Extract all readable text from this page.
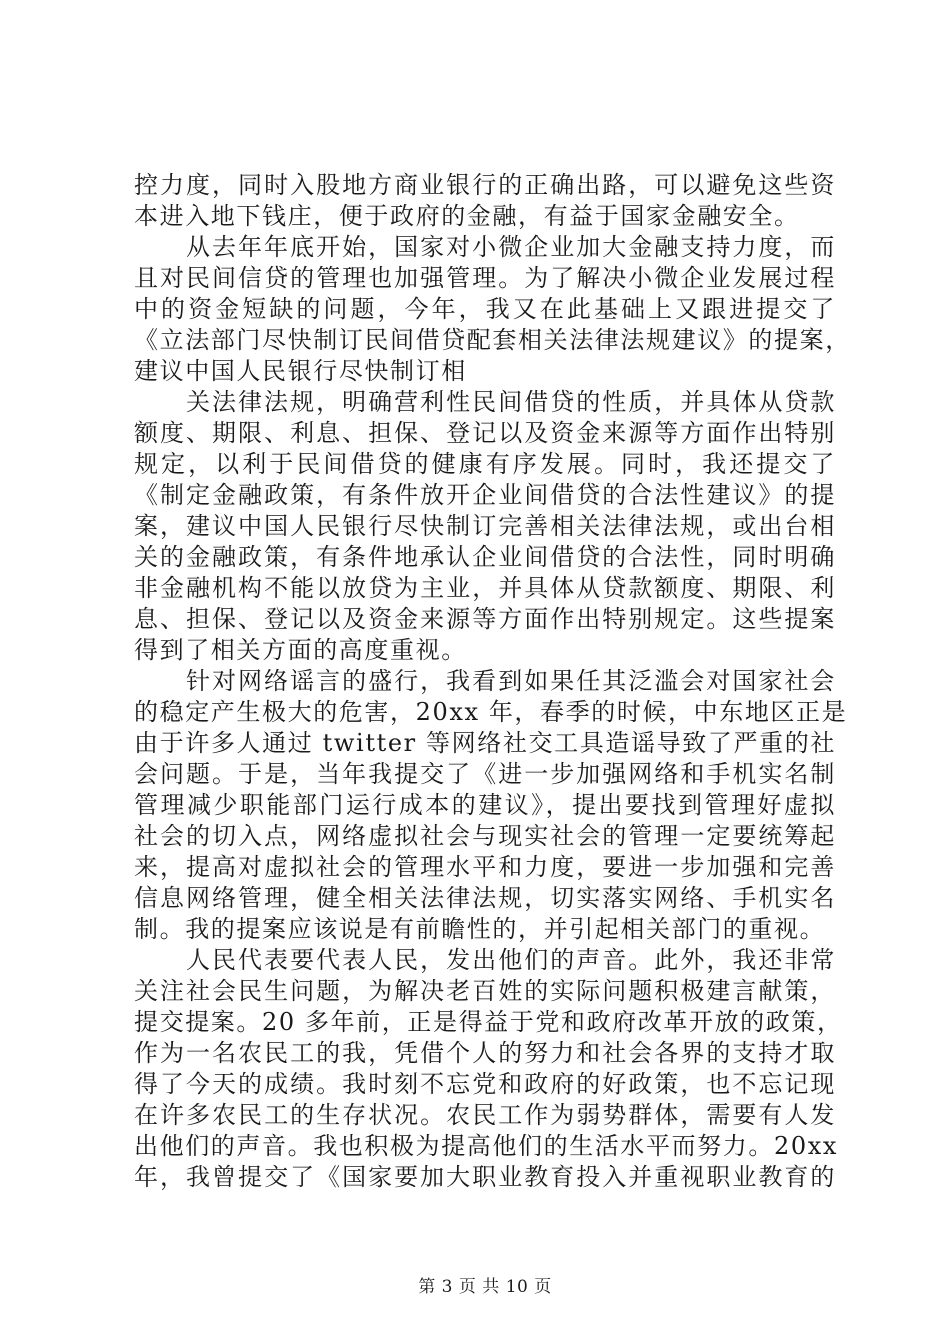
控力度，同时入股地方商业银行的正确出路，可以避免这些资
本进入地下钱庄，便于政府的金融，有益于国家金融安全。
从去年年底开始，国家对小微企业加大金融支持力度，而
且对民间信贷的管理也加强管理。为了解决小微企业发展过程
中的资金短缺的问题，今年，我又在此基础上又跟进提交了
《立法部门尽快制订民间借贷配套相关法律法规建议》的提案，
建议中国人民银行尽快制订相
关法律法规，明确营利性民间借贷的性质，并具体从贷款
额度、期限、利息、担保、登记以及资金来源等方面作出特别
规定，以利于民间借贷的健康有序发展。同时，我还提交了
《制定金融政策，有条件放开企业间借贷的合法性建议》的提
案，建议中国人民银行尽快制订完善相关法律法规，或出台相
关的金融政策，有条件地承认企业间借贷的合法性，同时明确
非金融机构不能以放贷为主业，并具体从贷款额度、期限、利
息、担保、登记以及资金来源等方面作出特别规定。这些提案
得到了相关方面的高度重视。
针对网络谣言的盛行，我看到如果任其泛滥会对国家社会
的稳定产生极大的危害，20xx 年，春季的时候，中东地区正是
由于许多人通过 twitter 等网络社交工具造谣导致了严重的社
会问题。于是，当年我提交了《进一步加强网络和手机实名制
管理减少职能部门运行成本的建议》，提出要找到管理好虚拟
社会的切入点，网络虚拟社会与现实社会的管理一定要统筹起
来，提高对虚拟社会的管理水平和力度，要进一步加强和完善
信息网络管理，健全相关法律法规，切实落实网络、手机实名
制。我的提案应该说是有前瞻性的，并引起相关部门的重视。
人民代表要代表人民，发出他们的声音。此外，我还非常
关注社会民生问题，为解决老百姓的实际问题积极建言献策，
提交提案。20 多年前，正是得益于党和政府改革开放的政策，
作为一名农民工的我，凭借个人的努力和社会各界的支持才取
得了今天的成绩。我时刻不忘党和政府的好政策，也不忘记现
在许多农民工的生存状况。农民工作为弱势群体，需要有人发
出他们的声音。我也积极为提高他们的生活水平而努力。20xx
年，我曾提交了《国家要加大职业教育投入并重视职业教育的
第 3 页 共 10 页
